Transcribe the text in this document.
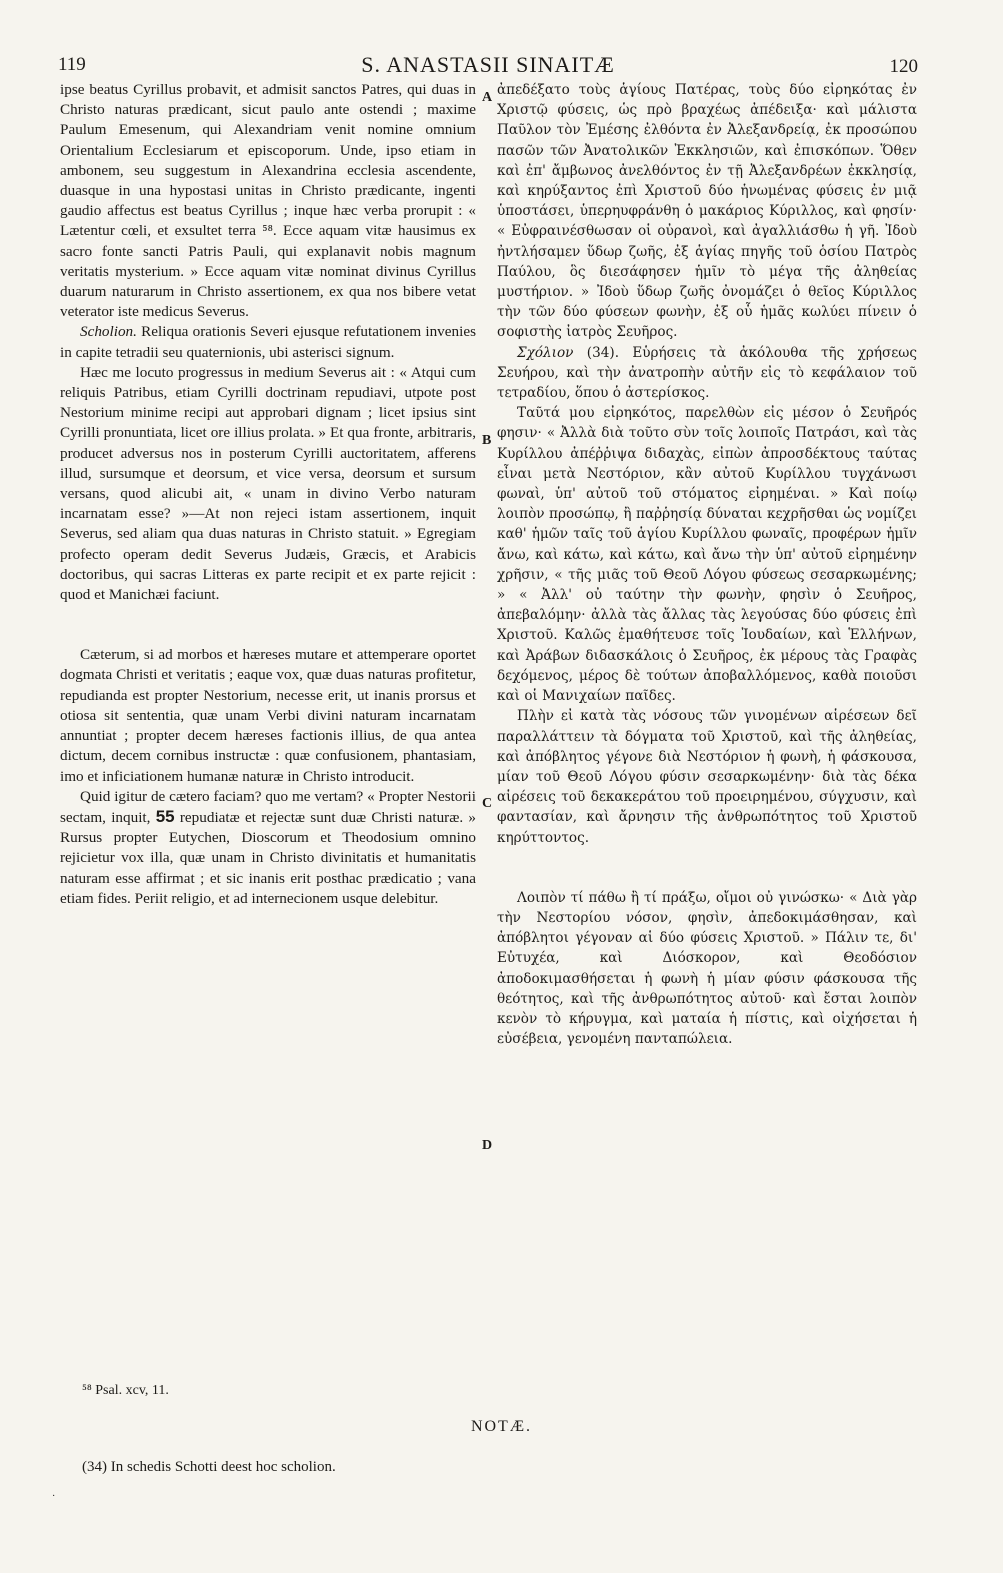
119	S. ANASTASII SINAITÆ	120
A
B
C
D

ipse beatus Cyrillus probavit, et admisit sanctos Patres, qui duas in Christo naturas prædicant, sicut paulo ante ostendi ; maxime Paulum Emesenum, qui Alexandriam venit nomine omnium Orientalium Ecclesiarum et episcoporum. Unde, ipso etiam in ambonem, seu suggestum in Alexandrina ecclesia ascendente, duasque in una hypostasi unitas in Christo prædicante, ingenti gaudio affectus est beatus Cyrillus ; inque hæc verba prorupit : « Lætentur cœli, et exsultet terra ⁵⁸. Ecce aquam vitæ hausimus ex sacro fonte sancti Patris Pauli, qui explanavit nobis magnum veritatis mysterium. » Ecce aquam vitæ nominat divinus Cyrillus duarum naturarum in Christo assertionem, ex qua nos bibere vetat veterator iste medicus Severus.

Scholion. Reliqua orationis Severi ejusque refutationem invenies in capite tetradii seu quaternionis, ubi asterisci signum.

Hæc me locuto progressus in medium Severus ait : « Atqui cum reliquis Patribus, etiam Cyrilli doctrinam repudiavi, utpote post Nestorium minime recipi aut approbari dignam ; licet ipsius sint Cyrilli pronuntiata, licet ore illius prolata. » Et qua fronte, arbitraris, producet adversus nos in posterum Cyrilli auctoritatem, afferens illud, sursumque et deorsum, et vice versa, deorsum et sursum versans, quod alicubi ait, « unam in divino Verbo naturam incarnatam esse? »—At non rejeci istam assertionem, inquit Severus, sed aliam qua duas naturas in Christo statuit. » Egregiam profecto operam dedit Severus Judæis, Græcis, et Arabicis doctoribus, qui sacras Litteras ex parte recipit et ex parte rejicit : quod et Manichæi faciunt.

Cæterum, si ad morbos et hæreses mutare et attemperare oportet dogmata Christi et veritatis ; eaque vox, quæ duas naturas profitetur, repudianda est propter Nestorium, necesse erit, ut inanis prorsus et otiosa sit sententia, quæ unam Verbi divini naturam incarnatam annuntiat ; propter decem hæreses factionis illius, de qua antea dictum, decem cornibus instructæ : quæ confusionem, phantasiam, imo et inficiationem humanæ naturæ in Christo introducit.

Quid igitur de cætero faciam? quo me vertam? « Propter Nestorii sectam, inquit, 55 repudiatæ et rejectæ sunt duæ Christi naturæ. » Rursus propter Eutychen, Dioscorum et Theodosium omnino rejicietur vox illa, quæ unam in Christo divinitatis et humanitatis naturam esse affirmat ; et sic inanis erit posthac prædicatio ; vana etiam fides. Periit religio, et ad internecionem usque delebitur.

ἀπεδέξατο τοὺς ἁγίους Πατέρας, τοὺς δύο εἰρηκότας ἐν Χριστῷ φύσεις, ὡς πρὸ βραχέως ἀπέδειξα· καὶ μάλιστα Παῦλον τὸν Ἐμέσης ἐλθόντα ἐν Ἀλεξανδρείᾳ, ἐκ προσώπου πασῶν τῶν Ἀνατολικῶν Ἐκκλησιῶν, καὶ ἐπισκόπων. Ὅθεν καὶ ἐπ' ἄμβωνος ἀνελθόντος ἐν τῇ Ἀλεξανδρέων ἐκκλησίᾳ, καὶ κηρύξαντος ἐπὶ Χριστοῦ δύο ἡνωμένας φύσεις ἐν μιᾷ ὑποστάσει, ὑπερηυφράνθη ὁ μακάριος Κύριλλος, καὶ φησίν· « Εὐφραινέσθωσαν οἱ οὐρανοὶ, καὶ ἀγαλλιάσθω ἡ γῆ. Ἰδοὺ ἠντλήσαμεν ὕδωρ ζωῆς, ἐξ ἁγίας πηγῆς τοῦ ὁσίου Πατρὸς Παύλου, ὃς διεσάφησεν ἡμῖν τὸ μέγα τῆς ἀληθείας μυστήριον. » Ἰδοὺ ὕδωρ ζωῆς ὀνομάζει ὁ θεῖος Κύριλλος τὴν τῶν δύο φύσεων φωνὴν, ἐξ οὗ ἡμᾶς κωλύει πίνειν ὁ σοφιστὴς ἰατρὸς Σευῆρος.

Σχόλιον (34). Εὑρήσεις τὰ ἀκόλουθα τῆς χρήσεως Σευήρου, καὶ τὴν ἀνατροπὴν αὐτῆν εἰς τὸ κεφάλαιον τοῦ τετραδίου, ὅπου ὁ ἀστερίσκος.

Ταῦτά μου εἰρηκότος, παρελθὼν εἰς μέσον ὁ Σευῆρός φησιν· « Ἀλλὰ διὰ τοῦτο σὺν τοῖς λοιποῖς Πατράσι, καὶ τὰς Κυρίλλου ἀπέῤῥιψα διδαχὰς, εἰπὼν ἀπροσδέκτους ταύτας εἶναι μετὰ Νεστόριον, κἂν αὐτοῦ Κυρίλλου τυγχάνωσι φωναὶ, ὑπ' αὐτοῦ τοῦ στόματος εἰρημέναι. » Καὶ ποίῳ λοιπὸν προσώπῳ, ἢ παῤῥησίᾳ δύναται κεχρῆσθαι ὡς νομίζει καθ' ἡμῶν ταῖς τοῦ ἁγίου Κυρίλλου φωναῖς, προφέρων ἡμῖν ἄνω, καὶ κάτω, καὶ κάτω, καὶ ἄνω τὴν ὑπ' αὐτοῦ εἰρημένην χρῆσιν, « τῆς μιᾶς τοῦ Θεοῦ Λόγου φύσεως σεσαρκωμένης; » « Ἀλλ' οὐ ταύτην τὴν φωνὴν, φησὶν ὁ Σευῆρος, ἀπεβαλόμην· ἀλλὰ τὰς ἄλλας τὰς λεγούσας δύο φύσεις ἐπὶ Χριστοῦ. Καλῶς ἐμαθήτευσε τοῖς Ἰουδαίων, καὶ Ἑλλήνων, καὶ Ἀράβων διδασκάλοις ὁ Σευῆρος, ἐκ μέρους τὰς Γραφὰς δεχόμενος, μέρος δὲ τούτων ἀποβαλλόμενος, καθὰ ποιοῦσι καὶ οἱ Μανιχαίων παῖδες.

Πλὴν εἰ κατὰ τὰς νόσους τῶν γινομένων αἱρέσεων δεῖ παραλλάττειν τὰ δόγματα τοῦ Χριστοῦ, καὶ τῆς ἀληθείας, καὶ ἀπόβλητος γέγονε διὰ Νεστόριον ἡ φωνὴ, ἡ φάσκουσα, μίαν τοῦ Θεοῦ Λόγου φύσιν σεσαρκωμένην· διὰ τὰς δέκα αἱρέσεις τοῦ δεκακεράτου τοῦ προειρημένου, σύγχυσιν, καὶ φαντασίαν, καὶ ἄρνησιν τῆς ἀνθρωπότητος τοῦ Χριστοῦ κηρύττοντος.

Λοιπὸν τί πάθω ἢ τί πράξω, οἴμοι οὐ γινώσκω· « Διὰ γὰρ τὴν Νεστορίου νόσον, φησὶν, ἀπεδοκιμάσθησαν, καὶ ἀπόβλητοι γέγοναν αἱ δύο φύσεις Χριστοῦ. » Πάλιν τε, δι' Εὐτυχέα, καὶ Διόσκορον, καὶ Θεοδόσιον ἀποδοκιμασθήσεται ἡ φωνὴ ἡ μίαν φύσιν φάσκουσα τῆς θεότητος, καὶ τῆς ἀνθρωπότητος αὐτοῦ· καὶ ἔσται λοιπὸν κενὸν τὸ κήρυγμα, καὶ ματαία ἡ πίστις, καὶ οἰχήσεται ἡ εὐσέβεια, γενομένη πανταπώλεια.

⁵⁸ Psal. xcv, 11.
NOTÆ.
(34) In schedis Schotti deest hoc scholion.
·
